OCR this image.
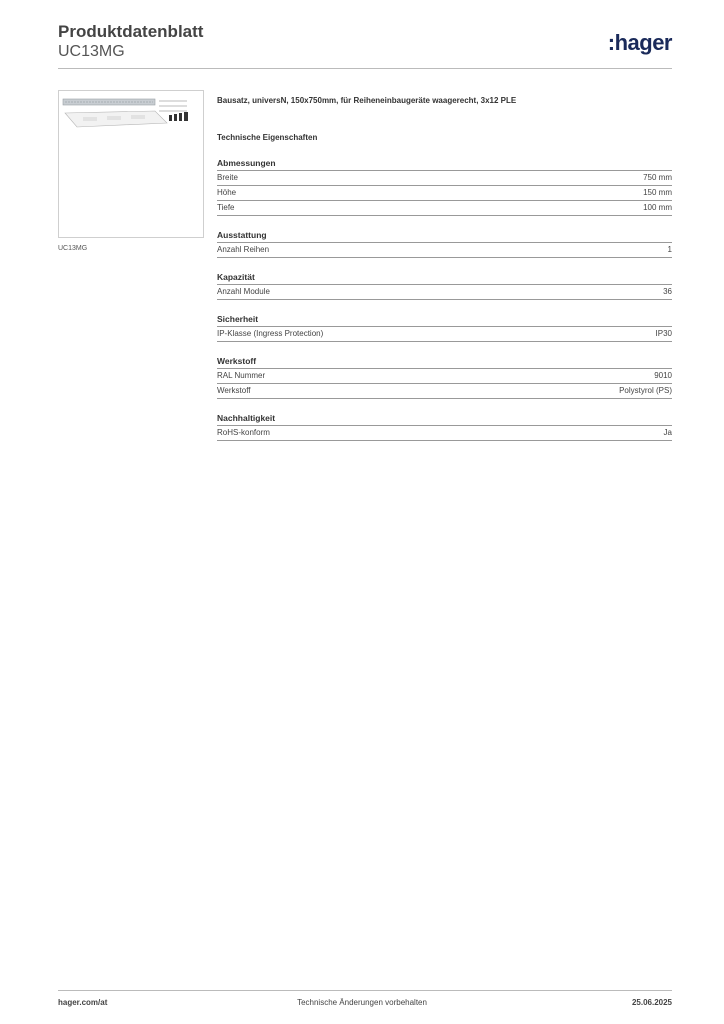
Produktdatenblatt
UC13MG	:hager
UC13MG
Bausatz, universN, 150x750mm, für Reiheneinbaugeräte waagerecht, 3x12 PLE
Technische Eigenschaften
Abmessungen
Breite	750 mm
Höhe	150 mm
Tiefe	100 mm
Ausstattung
Anzahl Reihen	1
Kapazität
Anzahl Module	36
Sicherheit
IP-Klasse (Ingress Protection)	IP30
Werkstoff
RAL Nummer	9010
Werkstoff	Polystyrol (PS)
Nachhaltigkeit
RoHS-konform	Ja
hager.com/at	Technische Änderungen vorbehalten	25.06.2025
